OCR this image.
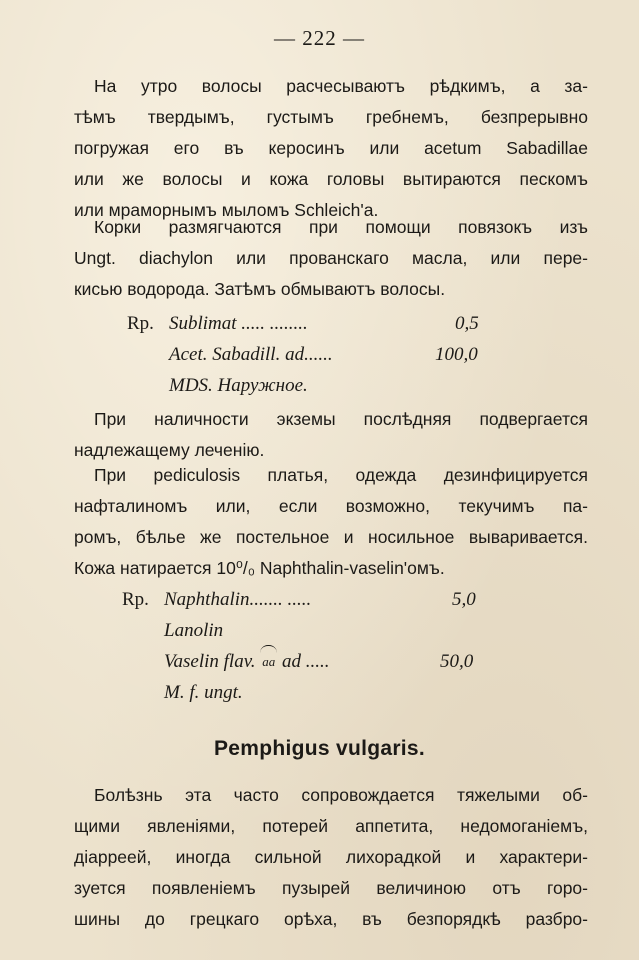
— 222 —
На утро волосы расчесываютъ рѣдкимъ, а за-
тѣмъ твердымъ, густымъ гребнемъ, безпрерывно
погружая его въ керосинъ или acetum Sabadillae
или же волосы и кожа головы вытираются пескомъ
или мраморнымъ мыломъ Schleich'a.
Корки размягчаются при помощи повязокъ изъ
Ungt. diachylon или прованскаго масла, или пере-
кисью водорода. Затѣмъ обмываютъ волосы.
Rp. Sublimat ..... ........	0,5
Acet. Sabadill. ad......	100,0
MDS. Наружное.
При наличности экземы послѣдняя подвергается
надлежащему леченію.
При pediculosis платья, одежда дезинфицируется
нафталиномъ или, если возможно, текучимъ па-
ромъ, бѣлье же постельное и носильное вываривается.
Кожа натирается 10⁰/₀ Naphthalin-vaselin'омъ.
Rp. Naphthalin....... .....	5,0
Lanolin
Vaselin flav. aa ad .....	50,0
M. f. ungt.
Pemphigus vulgaris.
Болѣзнь эта часто сопровождается тяжелыми об-
щими явленіями, потерей аппетита, недомоганіемъ,
діарреей, иногда сильной лихорадкой и характери-
зуется появленіемъ пузырей величиною отъ горо-
шины до грецкаго орѣха, въ безпорядкѣ разбро-
